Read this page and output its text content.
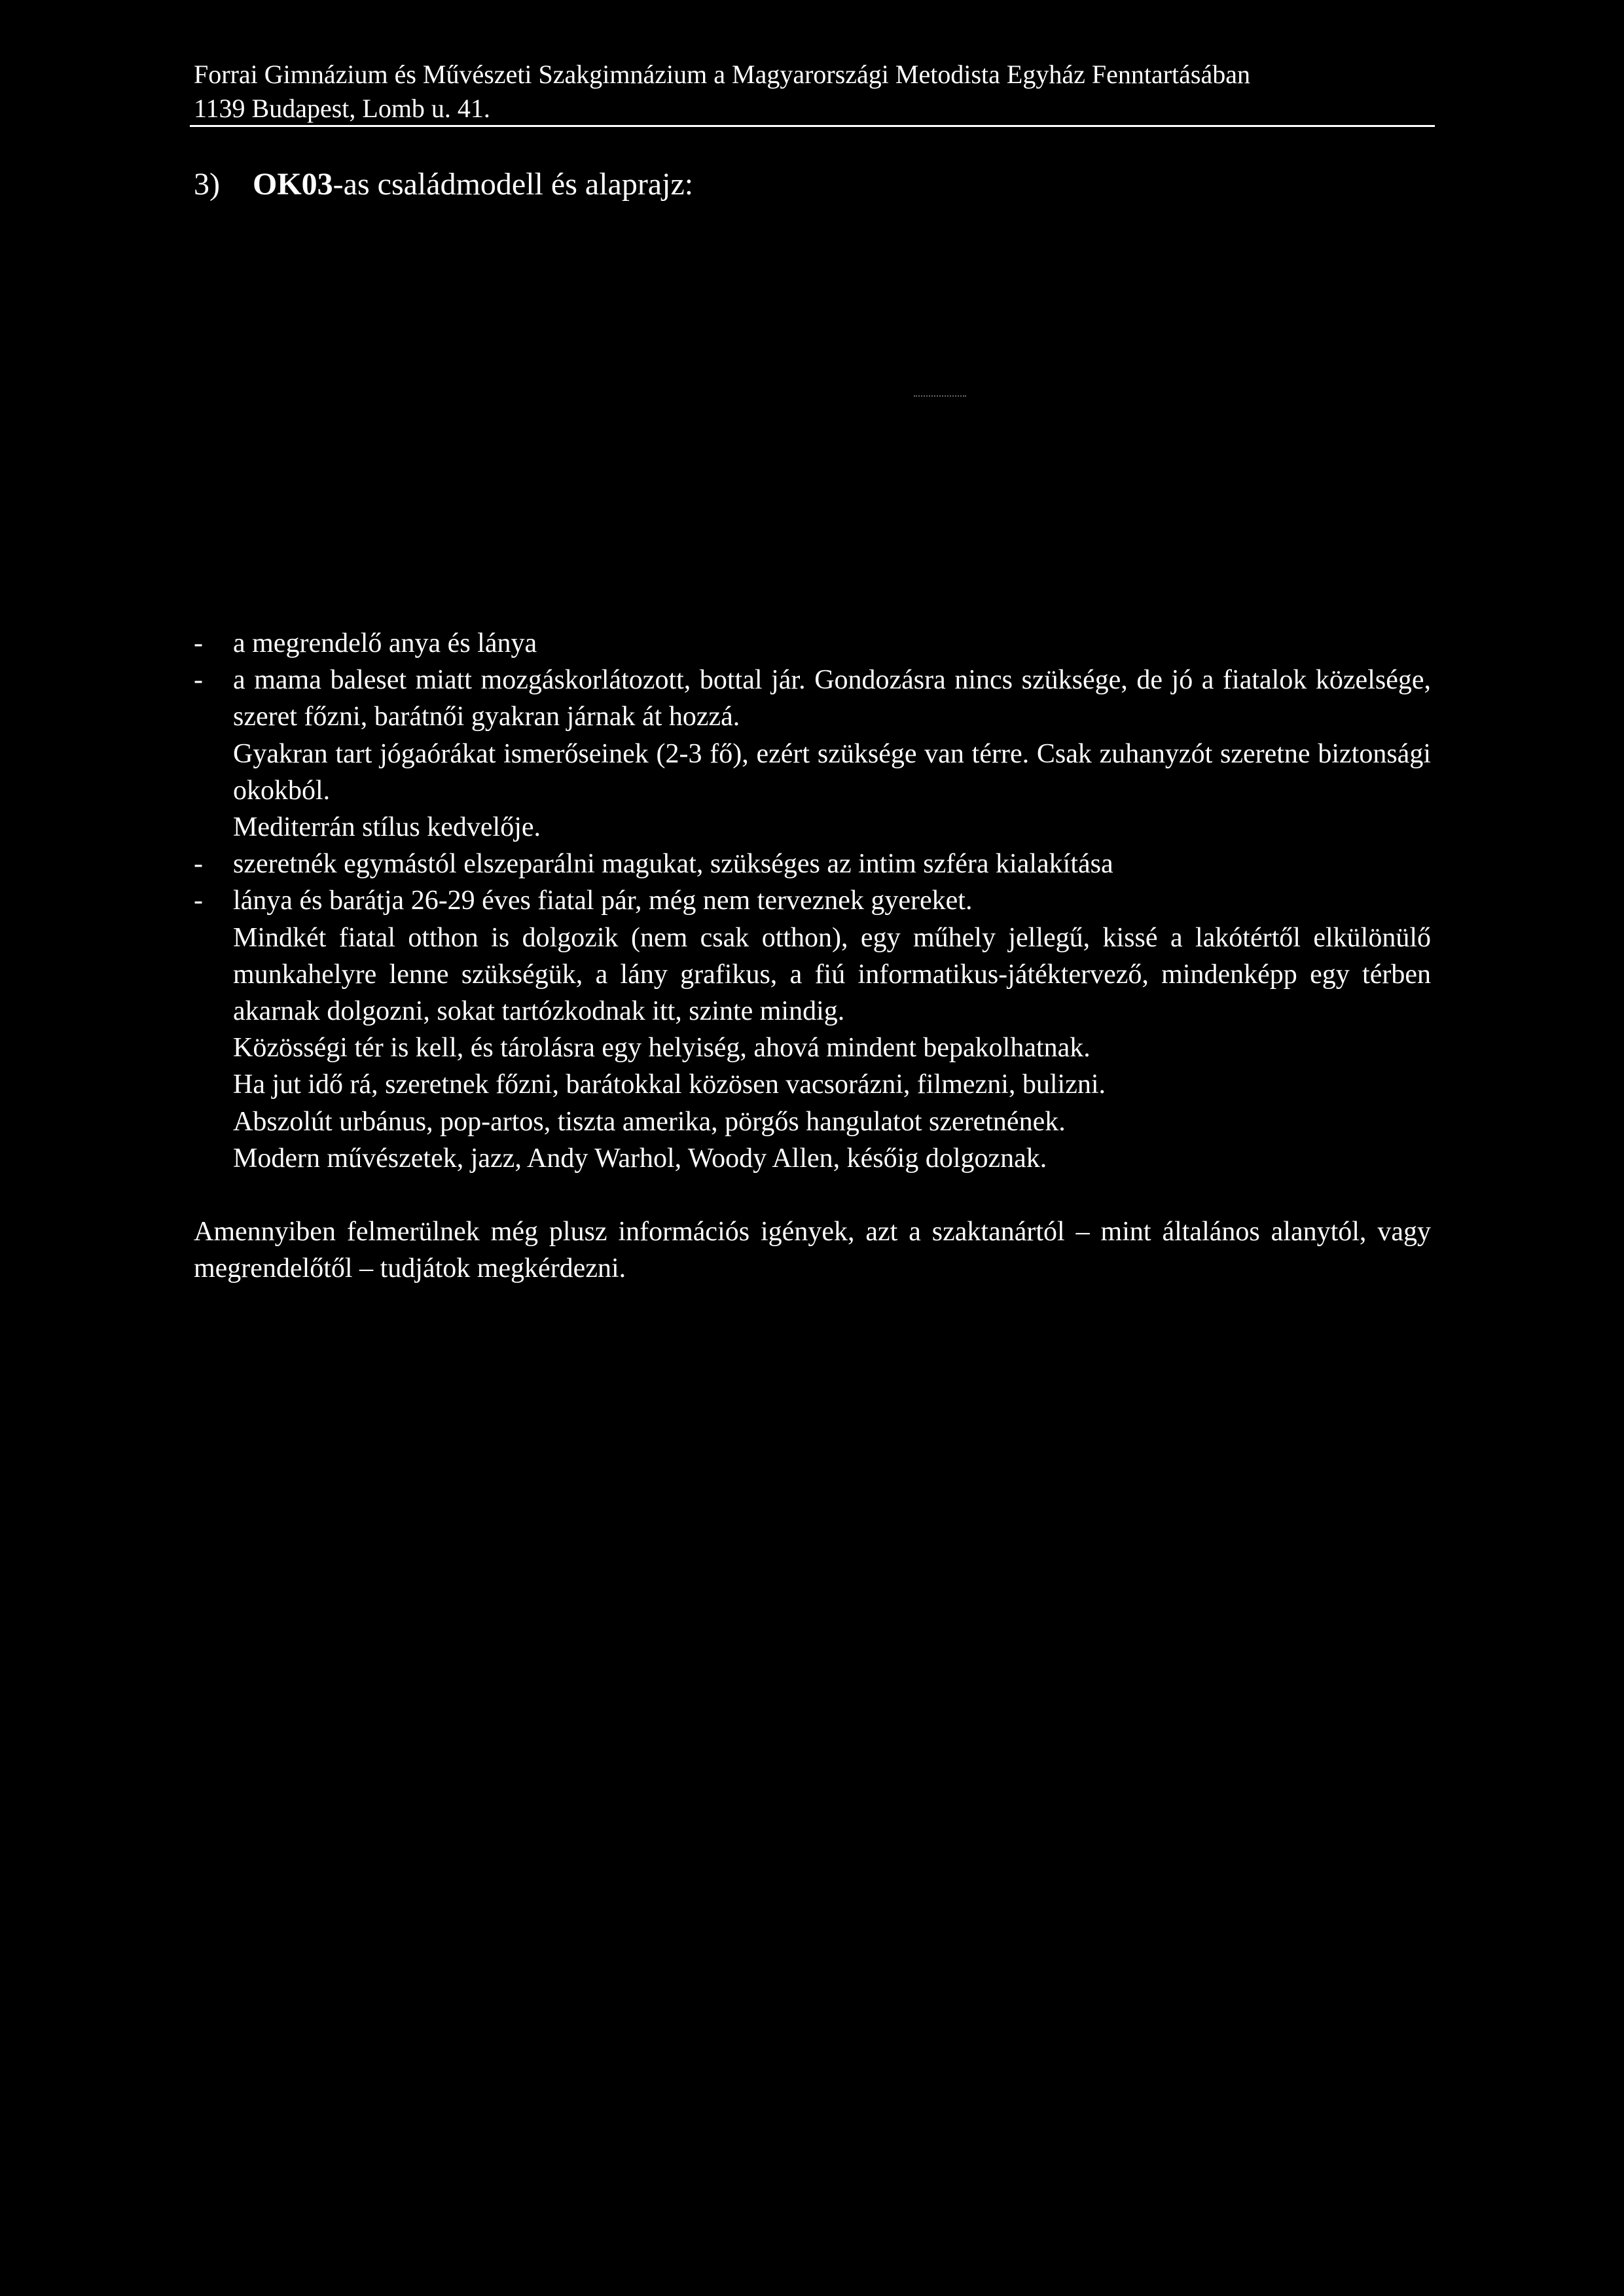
Forrai Gimnázium és Művészeti Szakgimnázium a Magyarországi Metodista Egyház Fenntartásában
1139 Budapest, Lomb u. 41.
3) OK03-as családmodell és alaprajz:
- a megrendelő anya és lánya
- a mama baleset miatt mozgáskorlátozott, bottal jár. Gondozásra nincs szüksége, de jó a fiatalok közelsége, szeret főzni, barátnői gyakran járnak át hozzá.
Gyakran tart jógaórákat ismerőseinek (2-3 fő), ezért szüksége van térre. Csak zuhanyzót szeretne biztonsági okokból.
Mediterrán stílus kedvelője.
- szeretnék egymástól elszeparálni magukat, szükséges az intim szféra kialakítása
- lánya és barátja 26-29 éves fiatal pár, még nem terveznek gyereket.
Mindkét fiatal otthon is dolgozik (nem csak otthon), egy műhely jellegű, kissé a lakótértől elkülönülő munkahelyre lenne szükségük, a lány grafikus, a fiú informatikus-játéktervező, mindenképp egy térben akarnak dolgozni, sokat tartózkodnak itt, szinte mindig.
Közösségi tér is kell, és tárolásra egy helyiség, ahová mindent bepakolhatnak.
Ha jut idő rá, szeretnek főzni, barátokkal közösen vacsorázni, filmezni, bulizni.
Abszolút urbánus, pop-artos, tiszta amerika, pörgős hangulatot szeretnének.
Modern művészetek, jazz, Andy Warhol, Woody Allen, későig dolgoznak.
Amennyiben felmerülnek még plusz információs igények, azt a szaktanártól – mint általános alanytól, vagy megrendelőtől – tudjátok megkérdezni.
